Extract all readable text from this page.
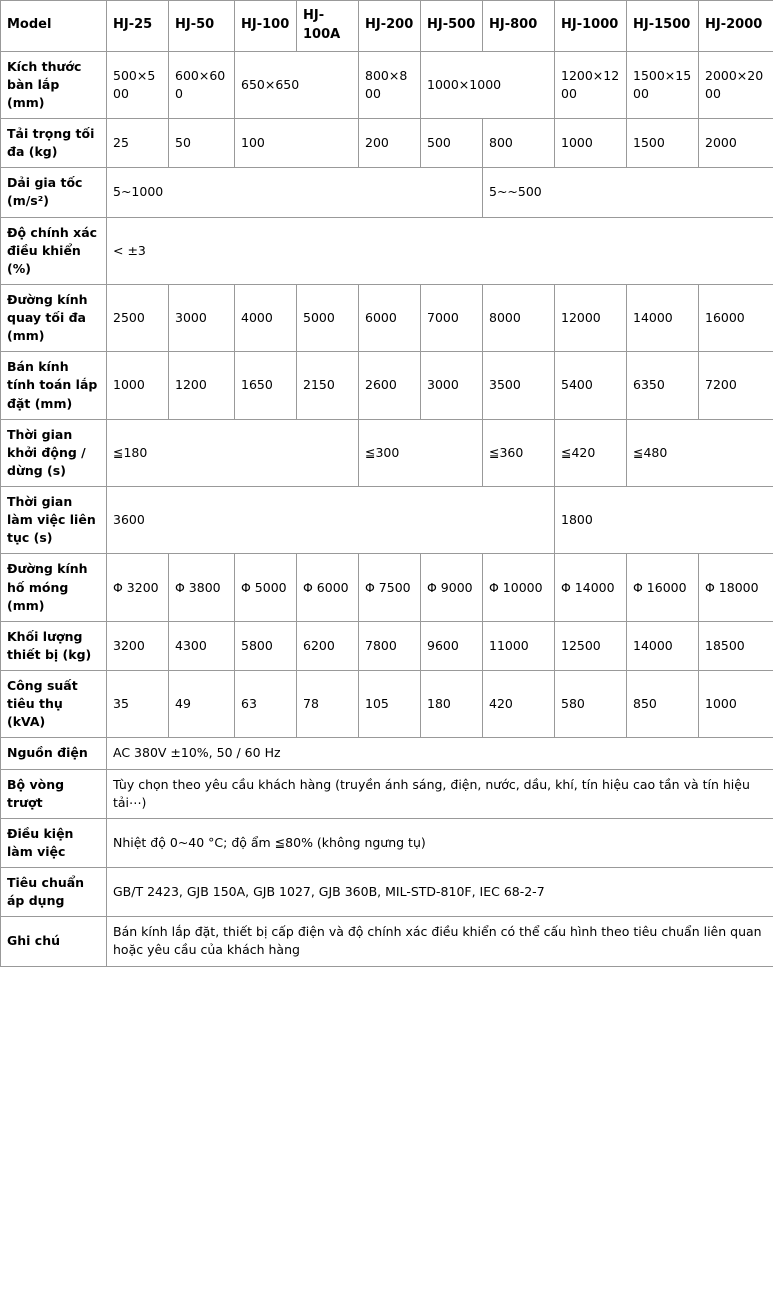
Model	HJ-25	HJ-50	HJ-100	HJ-100A	HJ-200	HJ-500	HJ-800	HJ-1000	HJ-1500	HJ-2000
Kích thước bàn lắp (mm)	500×500	600×600	650×650		800×800	1000×1000		1200×1200	1500×1500	2000×2000
Tải trọng tối đa (kg)	25	50	100		200	500	800	1000	1500	2000
Dải gia tốc (m/s²)	5~1000						5~~500			
Độ chính xác điều khiển (%)	< ±3									
Đường kính quay tối đa (mm)	2500	3000	4000	5000	6000	7000	8000	12000	14000	16000
Bán kính tính toán lắp đặt (mm)	1000	1200	1650	2150	2600	3000	3500	5400	6350	7200
Thời gian khởi động / dừng (s)	≦180				≦300		≦360	≦420	≦480	
Thời gian làm việc liên tục (s)	3600							1800		
Đường kính hố móng (mm)	Φ 3200	Φ 3800	Φ 5000	Φ 6000	Φ 7500	Φ 9000	Φ 10000	Φ 14000	Φ 16000	Φ 18000
Khối lượng thiết bị (kg)	3200	4300	5800	6200	7800	9600	11000	12500	14000	18500
Công suất tiêu thụ (kVA)	35	49	63	78	105	180	420	580	850	1000
Nguồn điện	AC 380V ±10%, 50 / 60 Hz									
Bộ vòng trượt	Tùy chọn theo yêu cầu khách hàng (truyền ánh sáng, điện, nước, dầu, khí, tín hiệu cao tần và tín hiệu tải⋯)									
Điều kiện làm việc	Nhiệt độ 0~40 °C; độ ẩm ≦80% (không ngưng tụ)									
Tiêu chuẩn áp dụng	GB/T 2423, GJB 150A, GJB 1027, GJB 360B, MIL-STD-810F, IEC 68-2-7									
Ghi chú	Bán kính lắp đặt, thiết bị cấp điện và độ chính xác điều khiển có thể cấu hình theo tiêu chuẩn liên quan hoặc yêu cầu của khách hàng									
